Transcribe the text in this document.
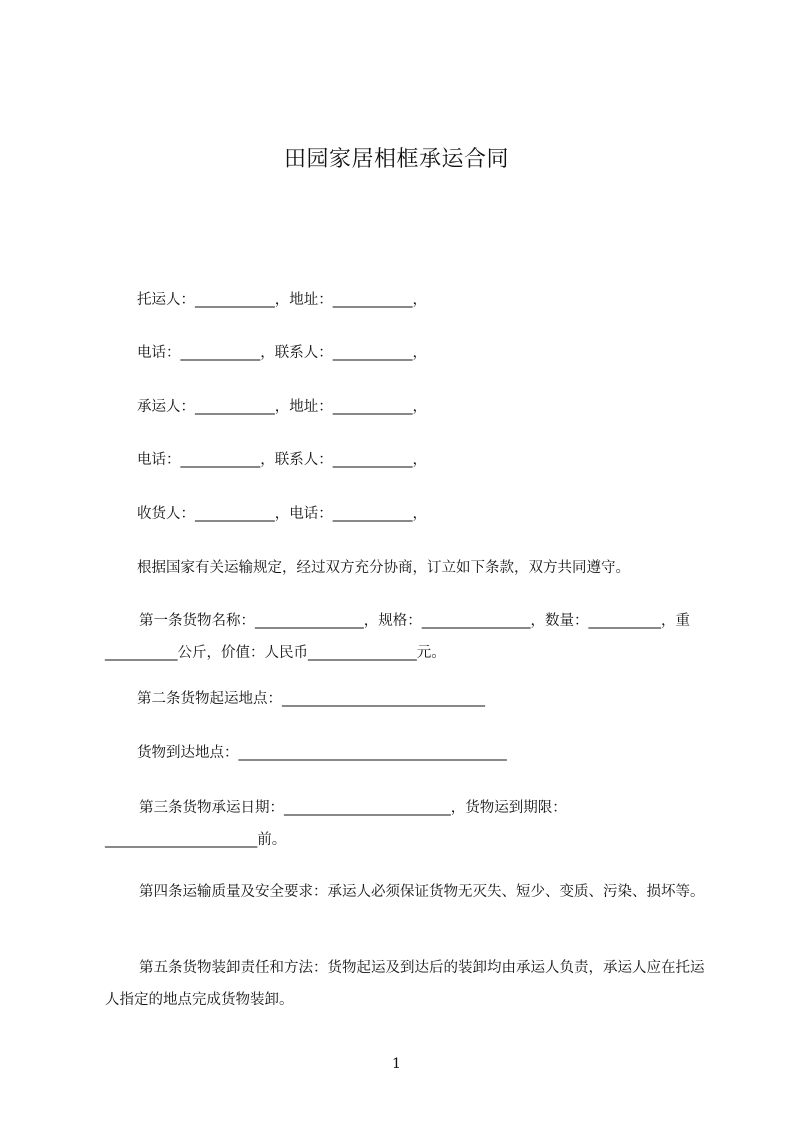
田园家居相框承运合同
托运人：___________，地址：___________，
电话：___________，联系人：___________，
承运人：___________，地址：___________，
电话：___________，联系人：___________，
收货人：___________，电话：___________，
根据国家有关运输规定，经过双方充分协商，订立如下条款，双方共同遵守。
第一条货物名称：_______________，规格：_______________，数量：__________，重__________公斤，价值：人民币_______________元。
第二条货物起运地点：____________________________
货物到达地点：_____________________________________
第三条货物承运日期：_______________________，货物运到期限：_____________________前。
第四条运输质量及安全要求：承运人必须保证货物无灭失、短少、变质、污染、损坏等。
第五条货物装卸责任和方法：货物起运及到达后的装卸均由承运人负责，承运人应在托运人指定的地点完成货物装卸。
1
